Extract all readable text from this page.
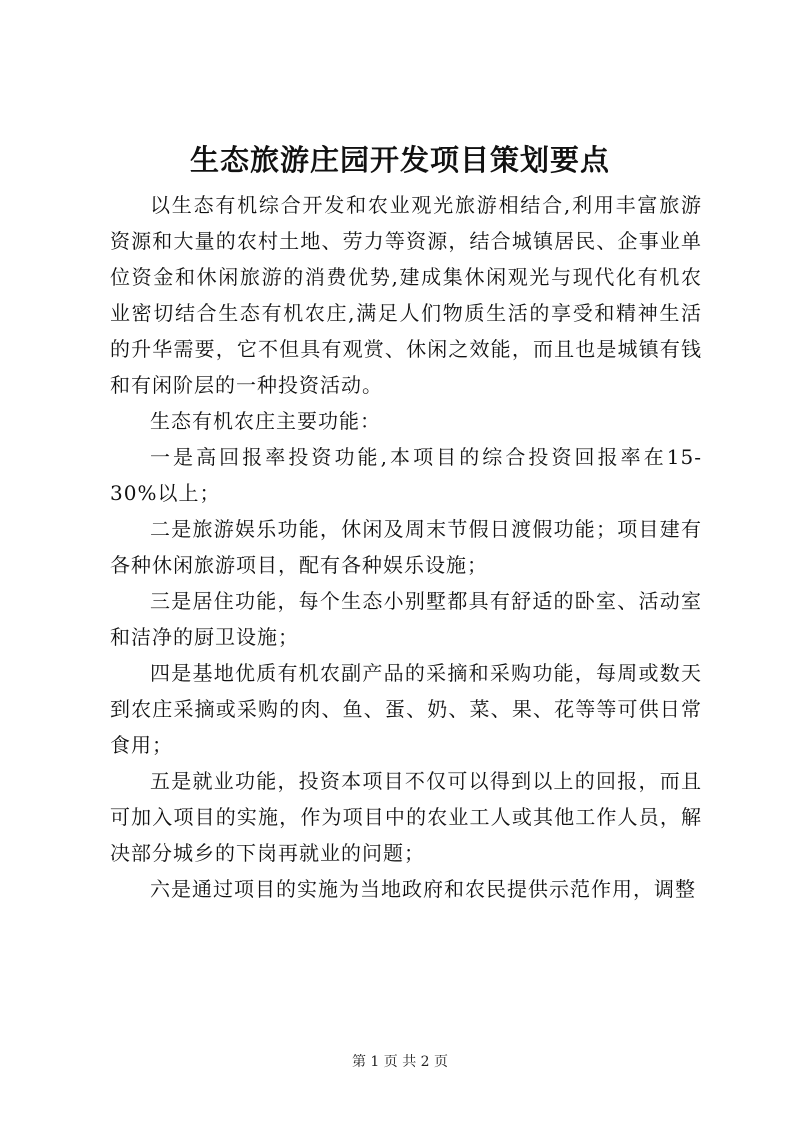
生态旅游庄园开发项目策划要点

以生态有机综合开发和农业观光旅游相结合,利用丰富旅游资源和大量的农村土地、劳力等资源，结合城镇居民、企事业单位资金和休闲旅游的消费优势,建成集休闲观光与现代化有机农业密切结合生态有机农庄,满足人们物质生活的享受和精神生活的升华需要，它不但具有观赏、休闲之效能，而且也是城镇有钱和有闲阶层的一种投资活动。

生态有机农庄主要功能：

一是高回报率投资功能,本项目的综合投资回报率在15-30%以上；

二是旅游娱乐功能，休闲及周末节假日渡假功能；项目建有各种休闲旅游项目，配有各种娱乐设施；

三是居住功能，每个生态小别墅都具有舒适的卧室、活动室和洁净的厨卫设施；

四是基地优质有机农副产品的采摘和采购功能，每周或数天到农庄采摘或采购的肉、鱼、蛋、奶、菜、果、花等等可供日常食用；

五是就业功能，投资本项目不仅可以得到以上的回报，而且可加入项目的实施，作为项目中的农业工人或其他工作人员，解决部分城乡的下岗再就业的问题；

六是通过项目的实施为当地政府和农民提供示范作用，调整

第 1 页 共 2 页
